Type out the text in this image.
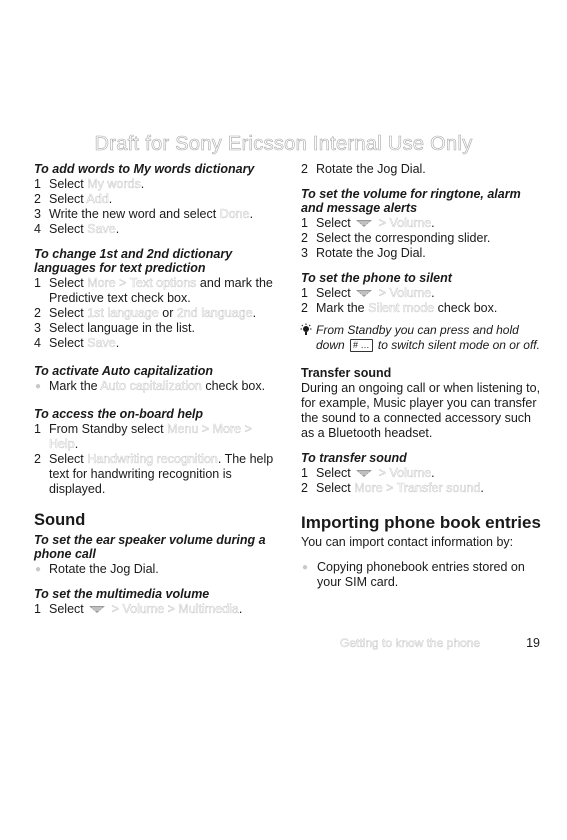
Draft for Sony Ericsson Internal Use Only

To add words to My words dictionary

1 Select My words.

2 Select Add.

3 Write the new word and select Done.

4 Select Save.

To change 1st and 2nd dictionary languages for text prediction

1 Select More > Text options and mark the Predictive text check box.

2 Select 1st language or 2nd language.

3 Select language in the list.

4 Select Save.

To activate Auto capitalization

● Mark the Auto capitalization check box.

To access the on-board help

1 From Standby select Menu > More > Help.

2 Select Handwriting recognition. The help text for handwriting recognition is displayed.

Sound

To set the ear speaker volume during a phone call

● Rotate the Jog Dial.

To set the multimedia volume

1 Select  > Volume > Multimedia.

2 Rotate the Jog Dial.

To set the volume for ringtone, alarm and message alerts

1 Select  > Volume.

2 Select the corresponding slider.

3 Rotate the Jog Dial.

To set the phone to silent

1 Select  > Volume.

2 Mark the Silent mode check box.

From Standby you can press and hold down # … to switch silent mode on or off.

Transfer sound

During an ongoing call or when listening to, for example, Music player you can transfer the sound to a connected accessory such as a Bluetooth headset.

To transfer sound

1 Select  > Volume.

2 Select More > Transfer sound.

Importing phone book entries

You can import contact information by:

● Copying phonebook entries stored on your SIM card.

Getting to know the phone	19
